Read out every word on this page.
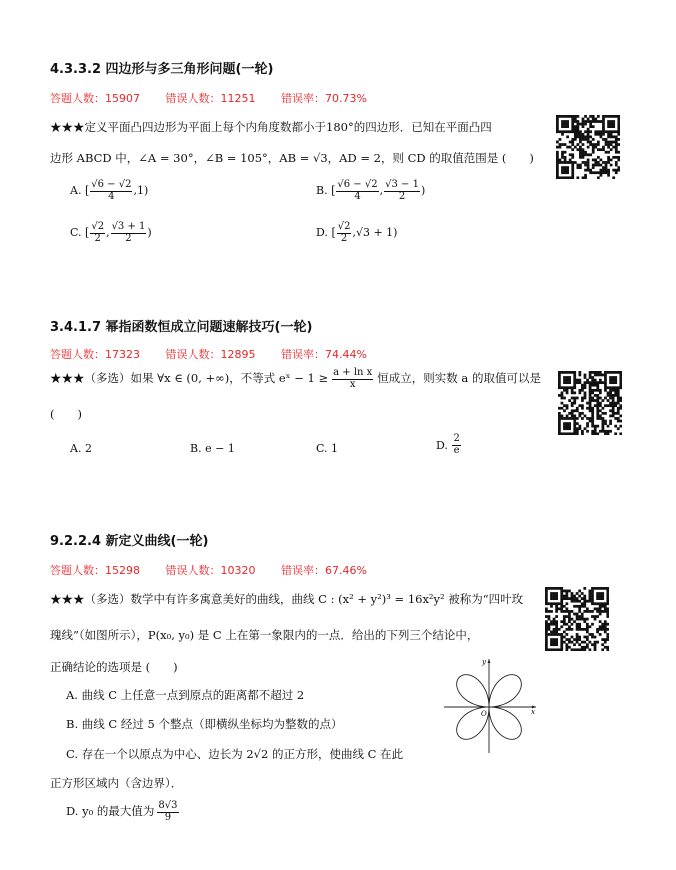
4.3.3.2 四边形与多三角形问题(一轮)
答题人数：15907 错误人数：11251 错误率：70.73%
★★★定义平面凸四边形为平面上每个内角度数都小于180°的四边形．已知在平面凸四
边形 ABCD 中，∠A = 30°，∠B = 105°，AB = √3，AD = 2，则 CD 的取值范围是 (　　)
A. [ $\frac{√6 - √2}{4} ,1$)	B. [ $\frac{√6 - √2}{4}$ , $\frac{√3 - 1}{2}$ )
C. [ $\frac{√2}{2}$ , $\frac{√3 + 1}{2}$ )	D. [ $\frac{√2}{2} ,√3 + 1$)
3.4.1.7 幂指函数恒成立问题速解技巧(一轮)
答题人数：17323 错误人数：12895 错误率：74.44%
★★★（多选）如果 ∀x ∈ (0, +∞)，不等式 eˣ − $1 \ge \frac{\text{a + ln x}}{x}$ 恒成立，则实数 a 的取值可以是
(　　)
A. 2	B. e − 1	C. 1	D.
$\frac{2}{e}$
9.2.2.4 新定义曲线(一轮)
答题人数：15298 错误人数：10320 错误率：67.46%
★★★（多选）数学中有许多寓意美好的曲线，曲线 C : (x² + y²)³ = 16x²y² 被称为“四叶玫
瑰线”（如图所示），P(x₀, y₀) 是 C 上在第一象限内的一点．给出的下列三个结论中，
正确结论的选项是 (　　)
A. 曲线 C 上任意一点到原点的距离都不超过 2
B. 曲线 C 经过 5 个整点（即横纵坐标均为整数的点）
C. 存在一个以原点为中心、边长为 2√2 的正方形，使曲线 C 在此
正方形区域内（含边界）．
D.
y₀ 的最大值为 $\frac{8√3}{9}$
x
y
O
